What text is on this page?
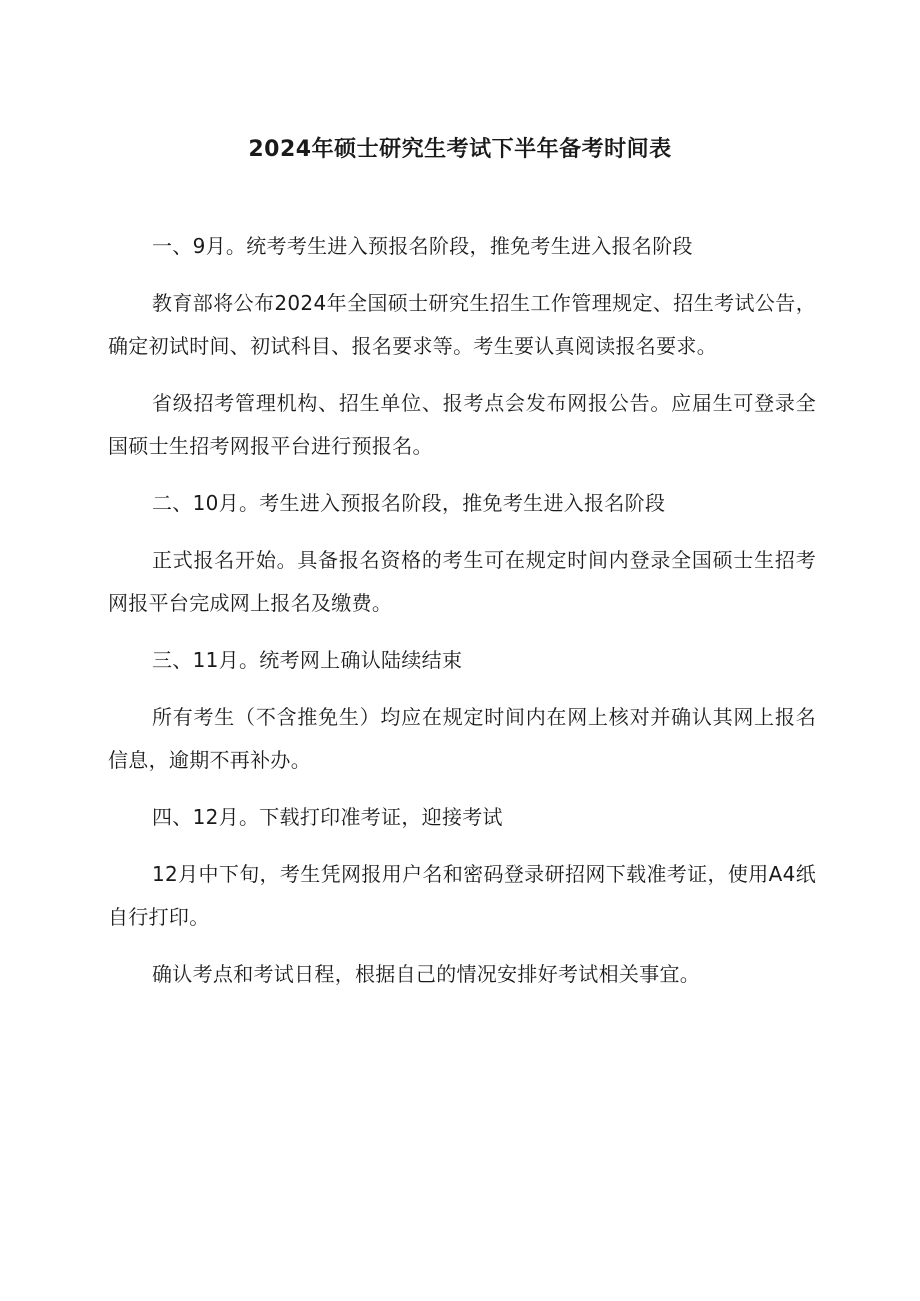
2024年硕士研究生考试下半年备考时间表

一、9月。统考考生进入预报名阶段，推免考生进入报名阶段

教育部将公布2024年全国硕士研究生招生工作管理规定、招生考试公告，确定初试时间、初试科目、报名要求等。考生要认真阅读报名要求。

省级招考管理机构、招生单位、报考点会发布网报公告。应届生可登录全国硕士生招考网报平台进行预报名。

二、10月。考生进入预报名阶段，推免考生进入报名阶段

正式报名开始。具备报名资格的考生可在规定时间内登录全国硕士生招考网报平台完成网上报名及缴费。

三、11月。统考网上确认陆续结束

所有考生（不含推免生）均应在规定时间内在网上核对并确认其网上报名信息，逾期不再补办。

四、12月。下载打印准考证，迎接考试

12月中下旬，考生凭网报用户名和密码登录研招网下载准考证，使用A4纸自行打印。

确认考点和考试日程，根据自己的情况安排好考试相关事宜。
